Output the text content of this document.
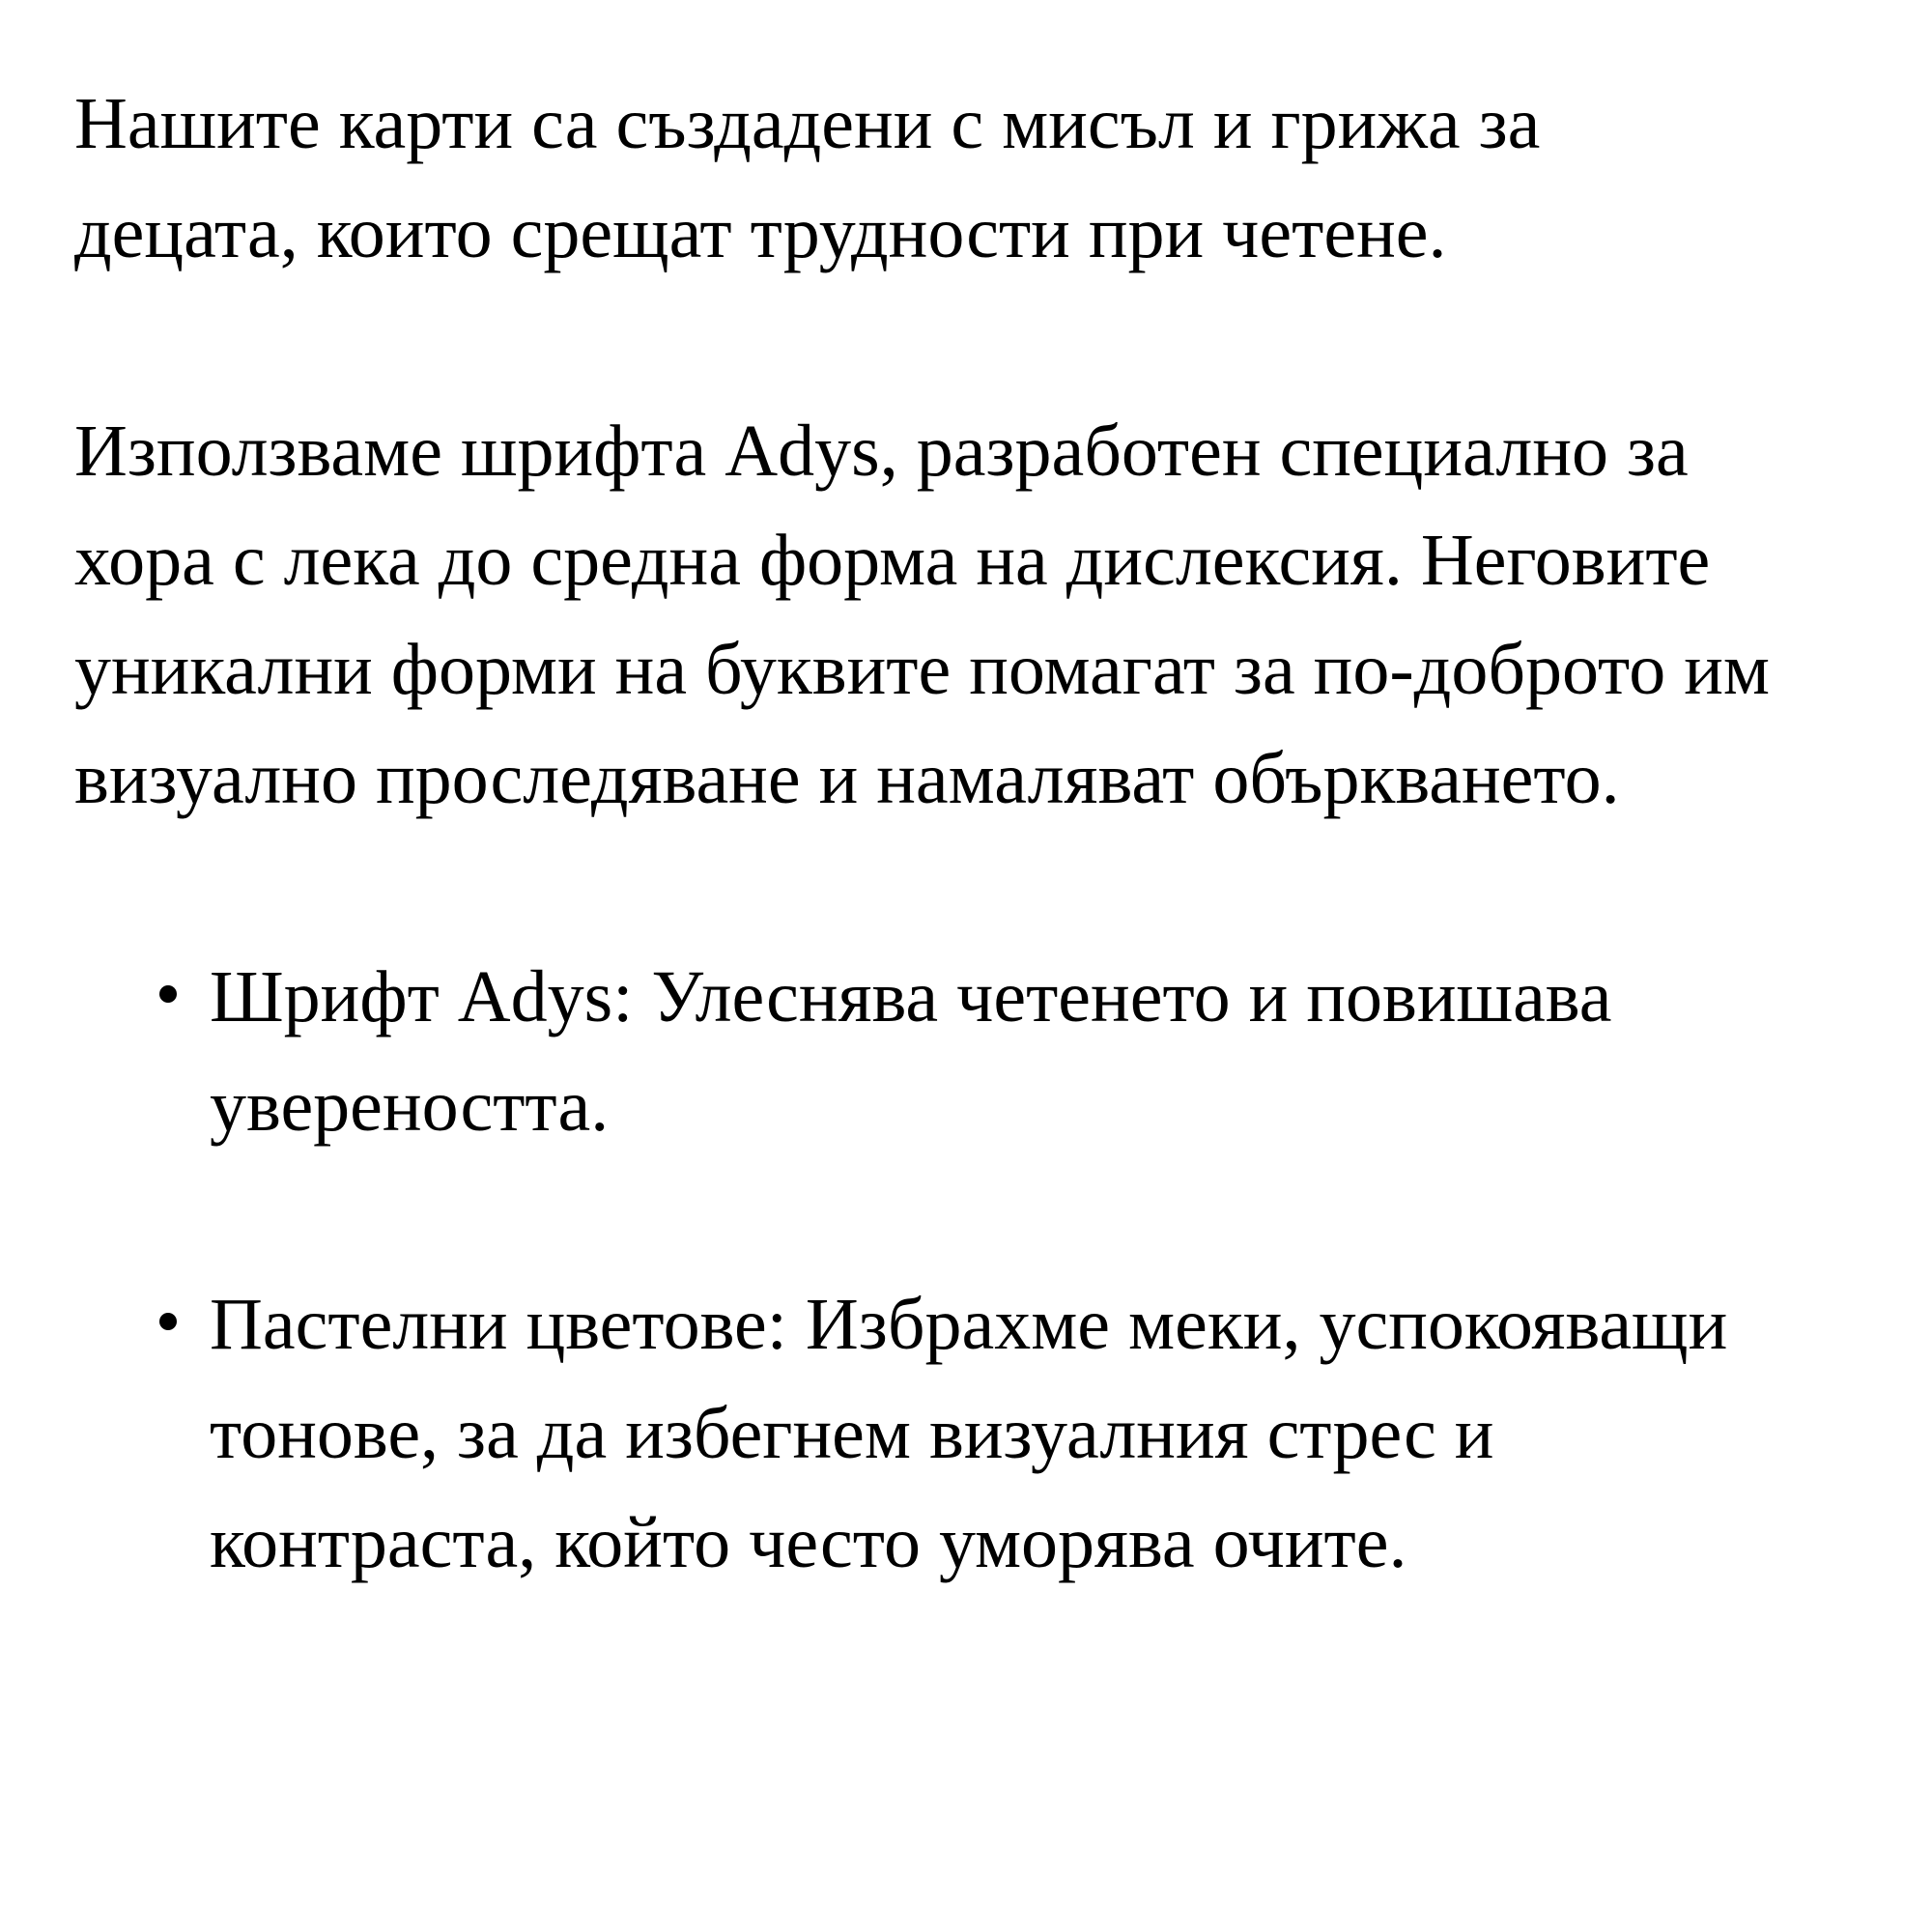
Нашите карти са създадени с мисъл и грижа за децата, които срещат трудности при четене.

Използваме шрифта Adys, разработен специално за хора с лека до средна форма на дислексия. Неговите уникални форми на буквите помагат за по-доброто им визуално проследяване и намаляват объркването.

Шрифт Adys: Улеснява четенето и повишава увереността.
Пастелни цветове: Избрахме меки, успокояващи тонове, за да избегнем визуалния стрес и контраста, който често уморява очите.
